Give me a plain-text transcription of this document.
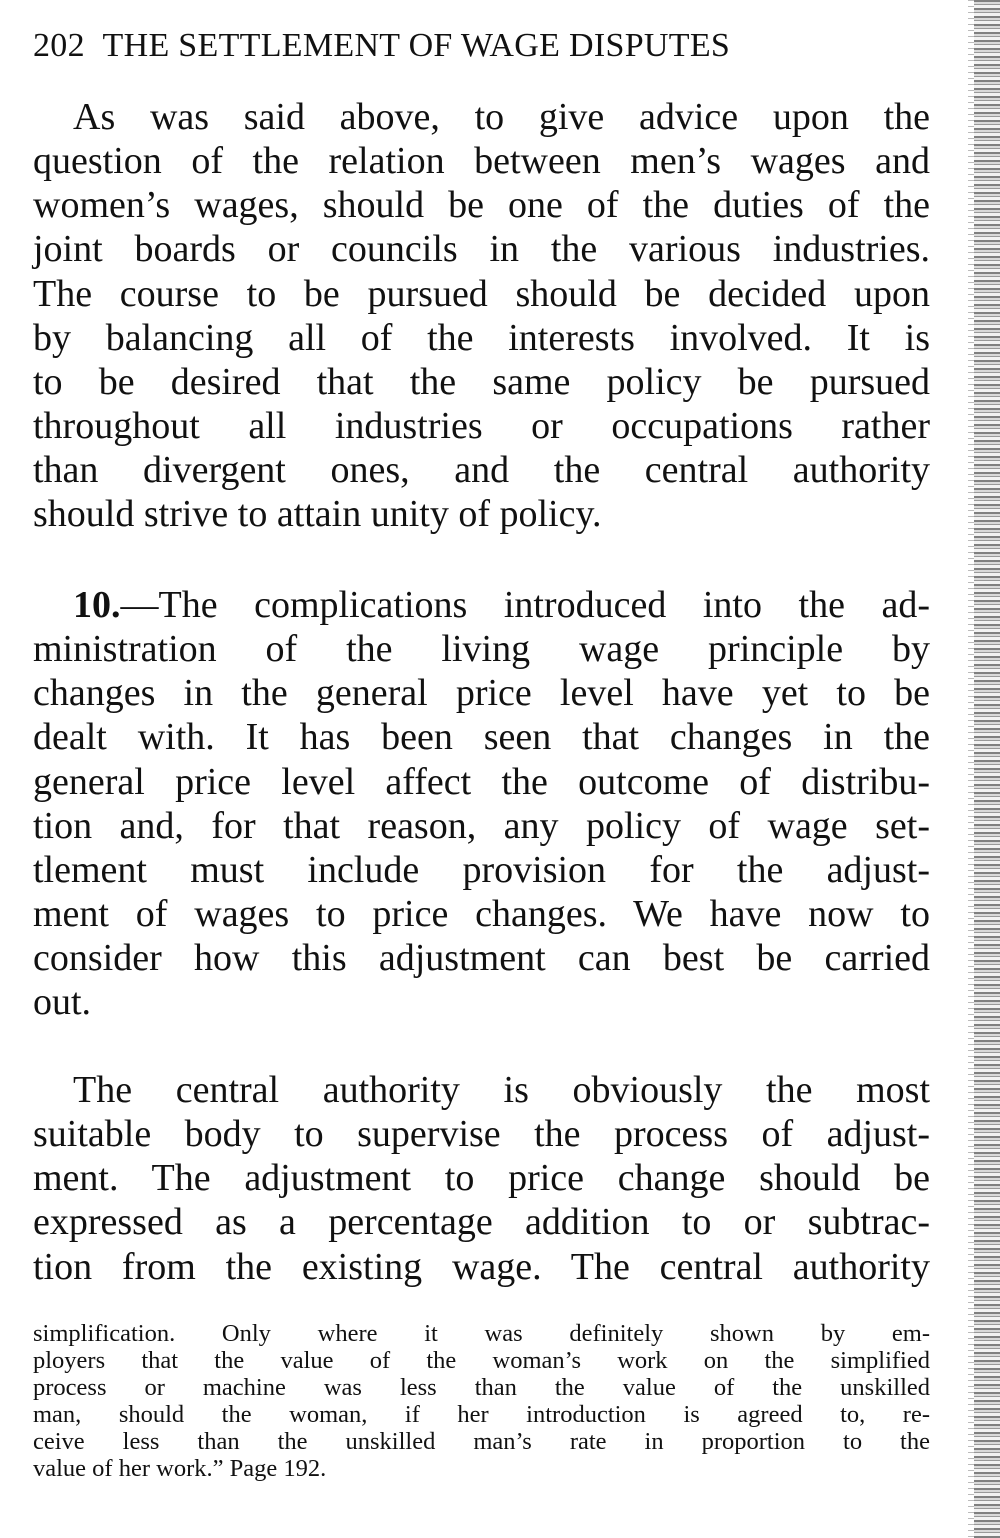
202 THE SETTLEMENT OF WAGE DISPUTES
As was said above, to give advice upon the
question of the relation between men’s wages and
women’s wages, should be one of the duties of the
joint boards or councils in the various industries.
The course to be pursued should be decided upon
by balancing all of the interests involved. It is
to be desired that the same policy be pursued
throughout all industries or occupations rather
than divergent ones, and the central authority
should strive to attain unity of policy.
10.—The complications introduced into the ad-
ministration of the living wage principle by
changes in the general price level have yet to be
dealt with. It has been seen that changes in the
general price level affect the outcome of distribu-
tion and, for that reason, any policy of wage set-
tlement must include provision for the adjust-
ment of wages to price changes. We have now to
consider how this adjustment can best be carried
out.
The central authority is obviously the most
suitable body to supervise the process of adjust-
ment. The adjustment to price change should be
expressed as a percentage addition to or subtrac-
tion from the existing wage. The central authority
simplification. Only where it was definitely shown by em-
ployers that the value of the woman’s work on the simplified
process or machine was less than the value of the unskilled
man, should the woman, if her introduction is agreed to, re-
ceive less than the unskilled man’s rate in proportion to the
value of her work.” Page 192.
